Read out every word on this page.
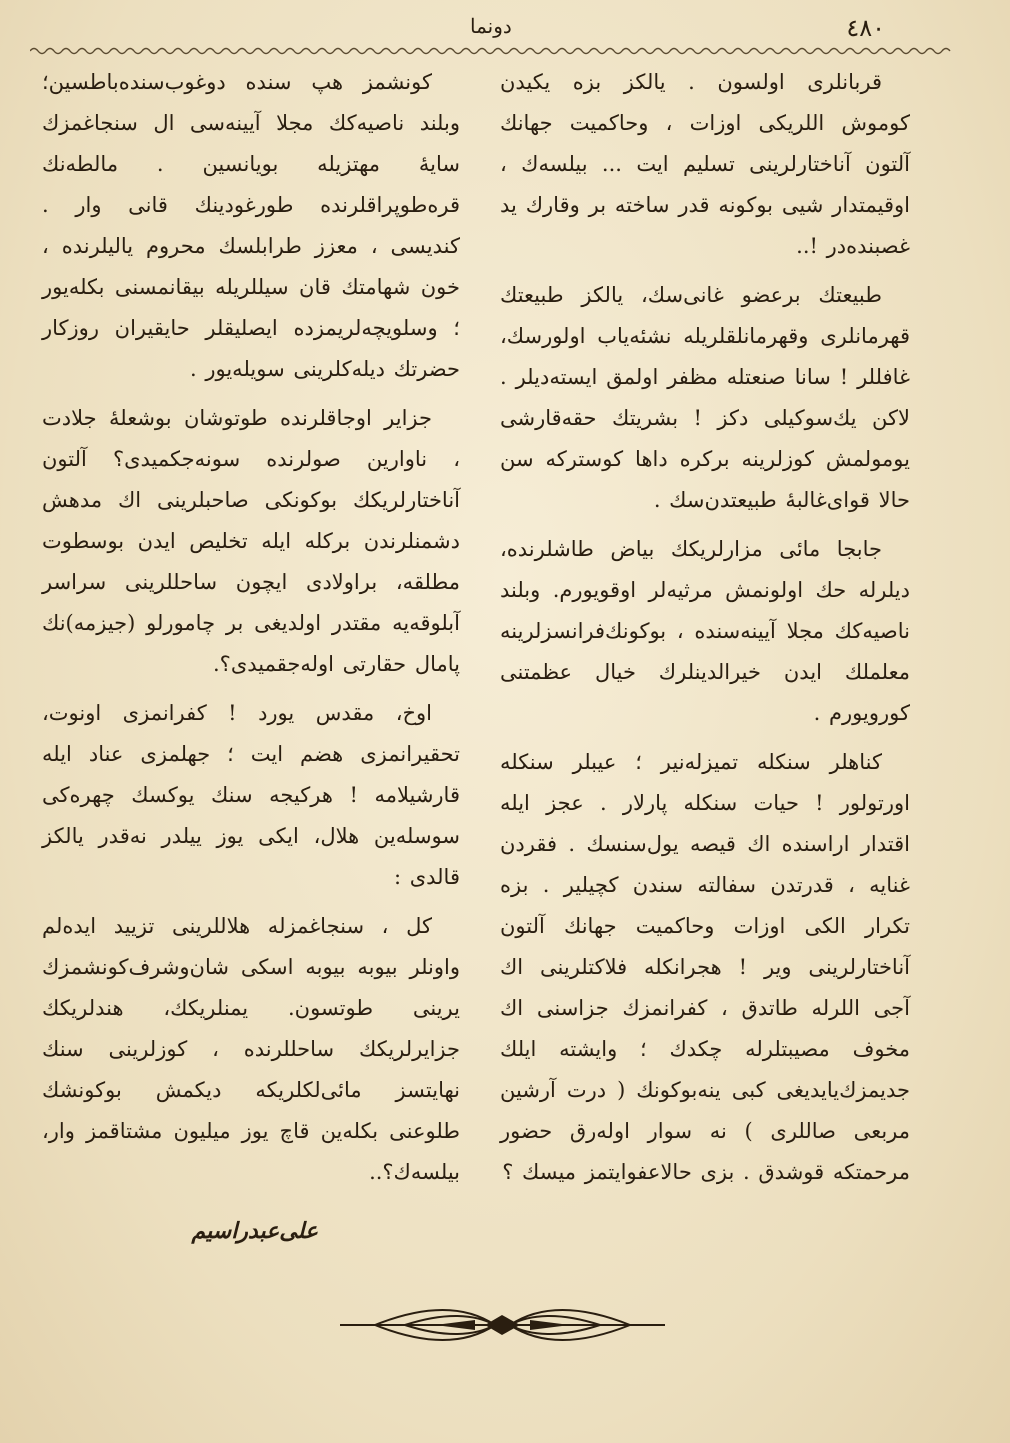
٤٨٠
دونما

قربانلری اولسون . یالکز بزه یکیدن کوموش اللریکی اوزات ، وحاکمیت جهانك آلتون آناختارلرینی تسلیم ایت ... بیلسه‌ك ، اوقیمتدار شیی بوکونه قدر ساخته بر وقارك ید غصبنده‌در !..

طبیعتك برعضو غانی‌سك، یالکز طبیعتك قهرمانلری وقهرمانلقلریله نشئه‌یاب اولورسك، غافللر ! سانا صنعتله مظفر اولمق ایسته‌دیلر . لاکن یك‌سوکیلی دکز ! بشریتك حقه‌قارشی یومولمش کوزلرینه برکره داها کوستر‌که سن حالا قوای‌غالبهٔ طبیعتدن‌سك .

جابجا مائی مزارلریکك بیاض طاشلرنده، دیلرله حك اولونمش مرثیه‌لر اوقویورم. وبلند ناصیه‌كك مجلا آیینه‌سنده ، بوکونك‌فرانسزلرینه معلملك ایدن خیرالدینلرك خیال عظمتنی کورویورم .

کناهلر سنکله تمیزله‌نیر ؛ عیبلر سنکله اورتولور ! حیات سنکله پارلار . عجز ایله اقتدار اراسنده اك قیصه یول‌سنسك . فقردن غنایه ، قدرتدن سفالته سندن کچیلیر . بزه تکرار الکی اوزات وحاکمیت جهانك آلتون آناختارلرینی ویر ! هجرانکله فلاکتلرینی اك آجی اللرله طاتدق ، کفرانمزك جزاسنی اك مخوف مصیبتلرله چکدك ؛ وایشته ایلك جدیمزك‌یایدیغی کبی ینه‌بوکونك ( درت آرشین مربعی صاللری ) نه سوار اوله‌رق حضور مرحمتکه قوشدق . بزی حالاعفوایتمز میسك ؟

کونشمز هپ سنده دوغوب‌سنده‌باطسین؛ وبلند ناصیه‌كك مجلا آیینه‌سی ال سنجاغمزك سایهٔ مهتزیله بویانسین . مالطه‌نك قره‌طوپراقلرنده طورغودینك قانی وار . کندیسی ، معزز طرابلسك محروم یالیلرنده ، خون شهامتك قان سیللریله بیقانمسنی بکله‌یور ؛ وسلویچه‌لریمزده ایصلیقلر حایقیران روزکار حضرتك دیله‌کلرینی سویله‌یور .

جزایر اوجاقلرنده طوتوشان بوشعلهٔ جلادت ، ناوارین صولرنده سونه‌جکمیدی؟ آلتون آناختارلریکك بوکونکی صاحبلرینی اك مدهش دشمنلرندن برکله ایله تخلیص ایدن بوسطوت مطلقه، براولادی ایچون ساحللرینی سراسر آبلوقه‌یه مقتدر اولدیغی بر چامورلو (جیزمه)نك پامال حقارتی اوله‌جقمیدی؟.

اوخ، مقدس یورد ! کفرانمزی اونوت، تحقیرانمزی هضم ایت ؛ جهلمزی عناد ایله قارشیلامه ! هرکیجه سنك یوکسك چهره‌کی سوسله‌ین هلال، ایکی یوز ییلدر نه‌قدر یالکز قالدی :

کل ، سنجاغمزله هلاللرینی تزیید ایده‌لم واونلر بیوبه بیوبه اسکی شان‌وشرف‌کونشمزك یرینی طوتسون. یمنلریکك، هندلریکك جزایرلریکك ساحللرنده ، کوزلرینی سنك نهایتسز مائی‌لکلریکه دیکمش بوکونشك طلوعنی بکله‌ین قاچ یوز میلیون مشتاقمز وار، بیلسه‌ك؟..

علی‌عبد‌راسیم
